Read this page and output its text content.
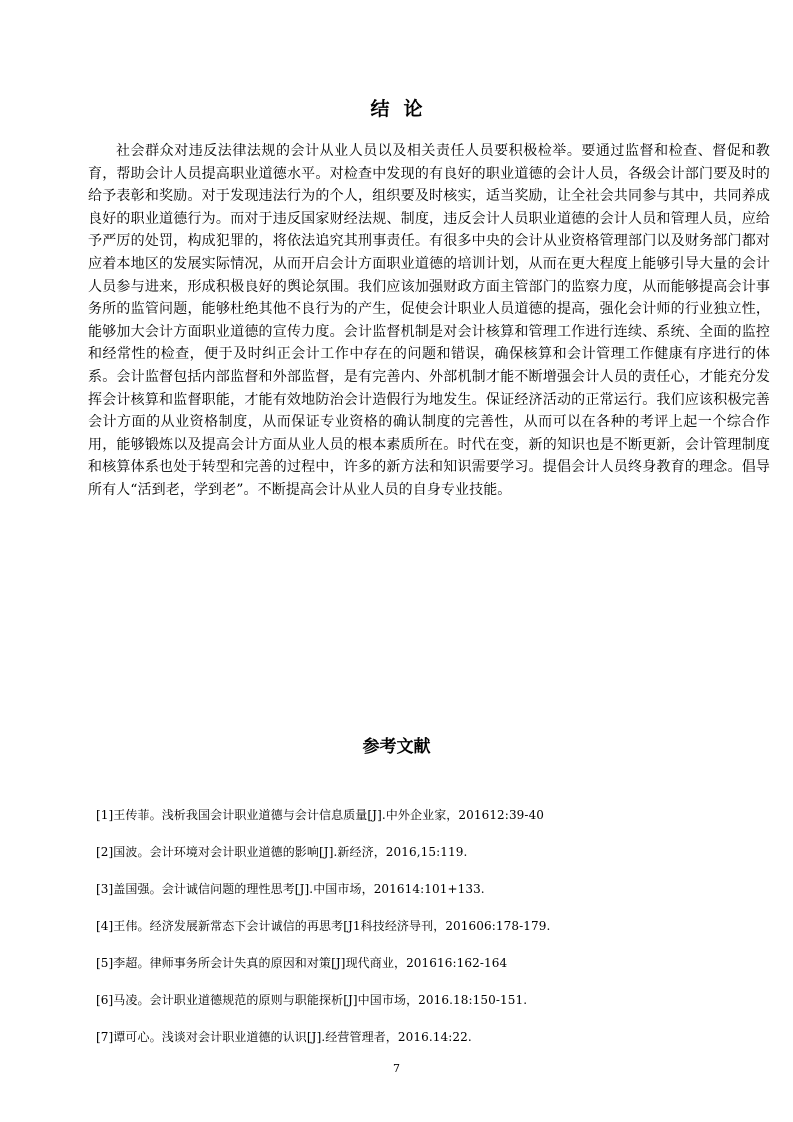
结论

社会群众对违反法律法规的会计从业人员以及相关责任人员要积极检举。要通过监督和检查、督促和教育，帮助会计人员提高职业道德水平。对检查中发现的有良好的职业道德的会计人员，各级会计部门要及时的给予表彰和奖励。对于发现违法行为的个人，组织要及时核实，适当奖励，让全社会共同参与其中，共同养成良好的职业道德行为。而对于违反国家财经法规、制度，违反会计人员职业道德的会计人员和管理人员，应给予严厉的处罚，构成犯罪的，将依法追究其刑事责任。有很多中央的会计从业资格管理部门以及财务部门都对应着本地区的发展实际情况，从而开启会计方面职业道德的培训计划，从而在更大程度上能够引导大量的会计人员参与进来，形成积极良好的舆论氛围。我们应该加强财政方面主管部门的监察力度，从而能够提高会计事务所的监管问题，能够杜绝其他不良行为的产生，促使会计职业人员道德的提高，强化会计师的行业独立性，能够加大会计方面职业道德的宣传力度。会计监督机制是对会计核算和管理工作进行连续、系统、全面的监控和经常性的检查，便于及时纠正会计工作中存在的问题和错误，确保核算和会计管理工作健康有序进行的体系。会计监督包括内部监督和外部监督，是有完善内、外部机制才能不断增强会计人员的责任心，才能充分发挥会计核算和监督职能，才能有效地防治会计造假行为地发生。保证经济活动的正常运行。我们应该积极完善会计方面的从业资格制度，从而保证专业资格的确认制度的完善性，从而可以在各种的考评上起一个综合作用，能够锻炼以及提高会计方面从业人员的根本素质所在。时代在变，新的知识也是不断更新，会计管理制度和核算体系也处于转型和完善的过程中，许多的新方法和知识需要学习。提倡会计人员终身教育的理念。倡导所有人“活到老，学到老”。不断提高会计从业人员的自身专业技能。

参考文献
[1]王传菲。浅析我国会计职业道德与会计信息质量[J].中外企业家，201612:39-40
[2]国波。会计环境对会计职业道德的影响[J].新经济，2016,15:119.
[3]盖国强。会计诚信问题的理性思考[J].中国市场，201614:101+133.
[4]王伟。经济发展新常态下会计诚信的再思考[J1科技经济导刊，201606:178-179.
[5]李超。律师事务所会计失真的原因和对策[J]现代商业，201616:162-164
[6]马凌。会计职业道德规范的原则与职能探析[J]中国市场，2016.18:150-151.
[7]谭可心。浅谈对会计职业道德的认识[J].经营管理者，2016.14:22.
7
